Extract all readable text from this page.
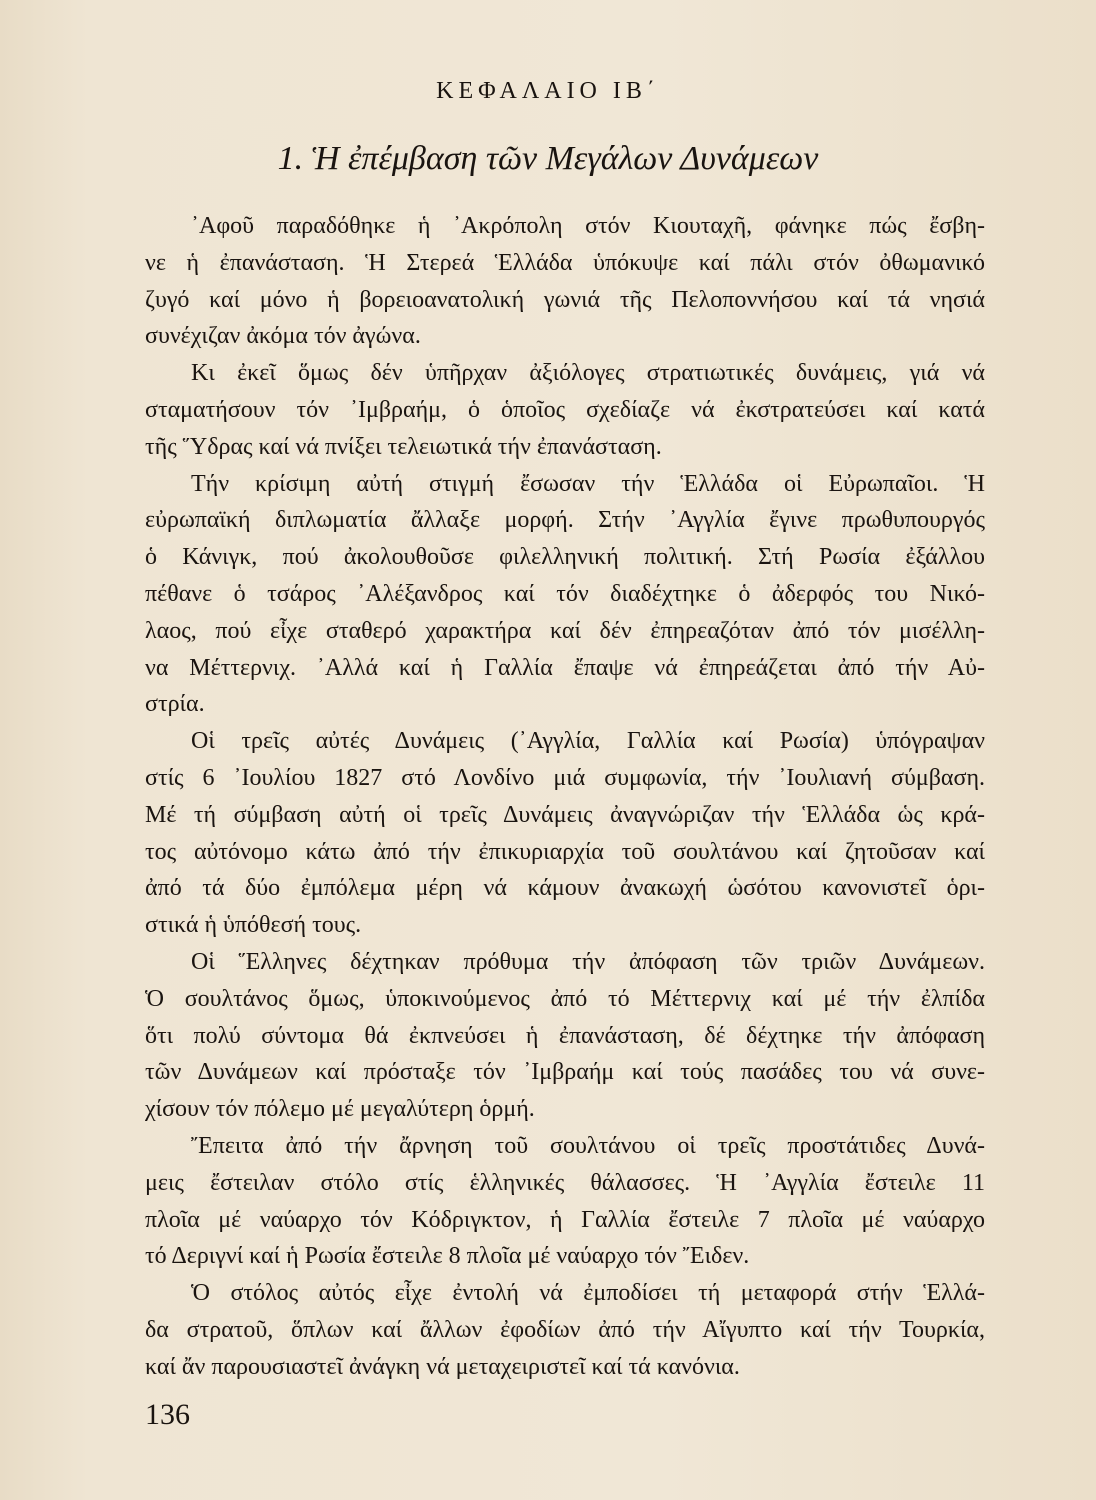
ΚΕΦΑΛΑΙΟ ΙΒ΄
1. Ἡ ἐπέμβαση τῶν Μεγάλων Δυνάμεων
᾿Αφοῦ παραδόθηκε ἡ ᾿Ακρόπολη στόν Κιουταχῆ, φάνηκε πώς ἔσβη-
νε ἡ ἐπανάσταση. Ἡ Στερεά Ἑλλάδα ὑπόκυψε καί πάλι στόν ὀθωμανικό
ζυγό καί μόνο ἡ βορειοανατολική γωνιά τῆς Πελοποννήσου καί τά νησιά
συνέχιζαν ἀκόμα τόν ἀγώνα.
Κι ἐκεῖ ὅμως δέν ὑπῆρχαν ἀξιόλογες στρατιωτικές δυνάμεις, γιά νά
σταματήσουν τόν ᾿Ιμβραήμ, ὁ ὁποῖος σχεδίαζε νά ἐκστρατεύσει καί κατά
τῆς Ὕδρας καί νά πνίξει τελειωτικά τήν ἐπανάσταση.
Τήν κρίσιμη αὐτή στιγμή ἔσωσαν τήν Ἑλλάδα οἱ Εὐρωπαῖοι. Ἡ
εὐρωπαϊκή διπλωματία ἄλλαξε μορφή. Στήν ᾿Αγγλία ἔγινε πρωθυπουργός
ὁ Κάνιγκ, πού ἀκολουθοῦσε φιλελληνική πολιτική. Στή Ρωσία ἐξάλλου
πέθανε ὁ τσάρος ᾿Αλέξανδρος καί τόν διαδέχτηκε ὁ ἀδερφός του Νικό-
λαος, πού εἶχε σταθερό χαρακτήρα καί δέν ἐπηρεαζόταν ἀπό τόν μισέλλη-
να Μέττερνιχ. ᾿Αλλά καί ἡ Γαλλία ἔπαψε νά ἐπηρεάζεται ἀπό τήν Αὐ-
στρία.
Οἱ τρεῖς αὐτές Δυνάμεις (᾿Αγγλία, Γαλλία καί Ρωσία) ὑπόγραψαν
στίς 6 ᾿Ιουλίου 1827 στό Λονδίνο μιά συμφωνία, τήν ᾿Ιουλιανή σύμβαση.
Μέ τή σύμβαση αὐτή οἱ τρεῖς Δυνάμεις ἀναγνώριζαν τήν Ἑλλάδα ὡς κρά-
τος αὐτόνομο κάτω ἀπό τήν ἐπικυριαρχία τοῦ σουλτάνου καί ζητοῦσαν καί
ἀπό τά δύο ἐμπόλεμα μέρη νά κάμουν ἀνακωχή ὡσότου κανονιστεῖ ὁρι-
στικά ἡ ὑπόθεσή τους.
Οἱ Ἕλληνες δέχτηκαν πρόθυμα τήν ἀπόφαση τῶν τριῶν Δυνάμεων.
Ὁ σουλτάνος ὅμως, ὑποκινούμενος ἀπό τό Μέττερνιχ καί μέ τήν ἐλπίδα
ὅτι πολύ σύντομα θά ἐκπνεύσει ἡ ἐπανάσταση, δέ δέχτηκε τήν ἀπόφαση
τῶν Δυνάμεων καί πρόσταξε τόν ᾿Ιμβραήμ καί τούς πασάδες του νά συνε-
χίσουν τόν πόλεμο μέ μεγαλύτερη ὁρμή.
Ἔπειτα ἀπό τήν ἄρνηση τοῦ σουλτάνου οἱ τρεῖς προστάτιδες Δυνά-
μεις ἔστειλαν στόλο στίς ἑλληνικές θάλασσες. Ἡ ᾿Αγγλία ἔστειλε 11
πλοῖα μέ ναύαρχο τόν Κόδριγκτον, ἡ Γαλλία ἔστειλε 7 πλοῖα μέ ναύαρχο
τό Δεριγνί καί ἡ Ρωσία ἔστειλε 8 πλοῖα μέ ναύαρχο τόν Ἔιδεν.
Ὁ στόλος αὐτός εἶχε ἐντολή νά ἐμποδίσει τή μεταφορά στήν Ἑλλά-
δα στρατοῦ, ὅπλων καί ἄλλων ἐφοδίων ἀπό τήν Αἴγυπτο καί τήν Τουρκία,
καί ἄν παρουσιαστεῖ ἀνάγκη νά μεταχειριστεῖ καί τά κανόνια.
136
